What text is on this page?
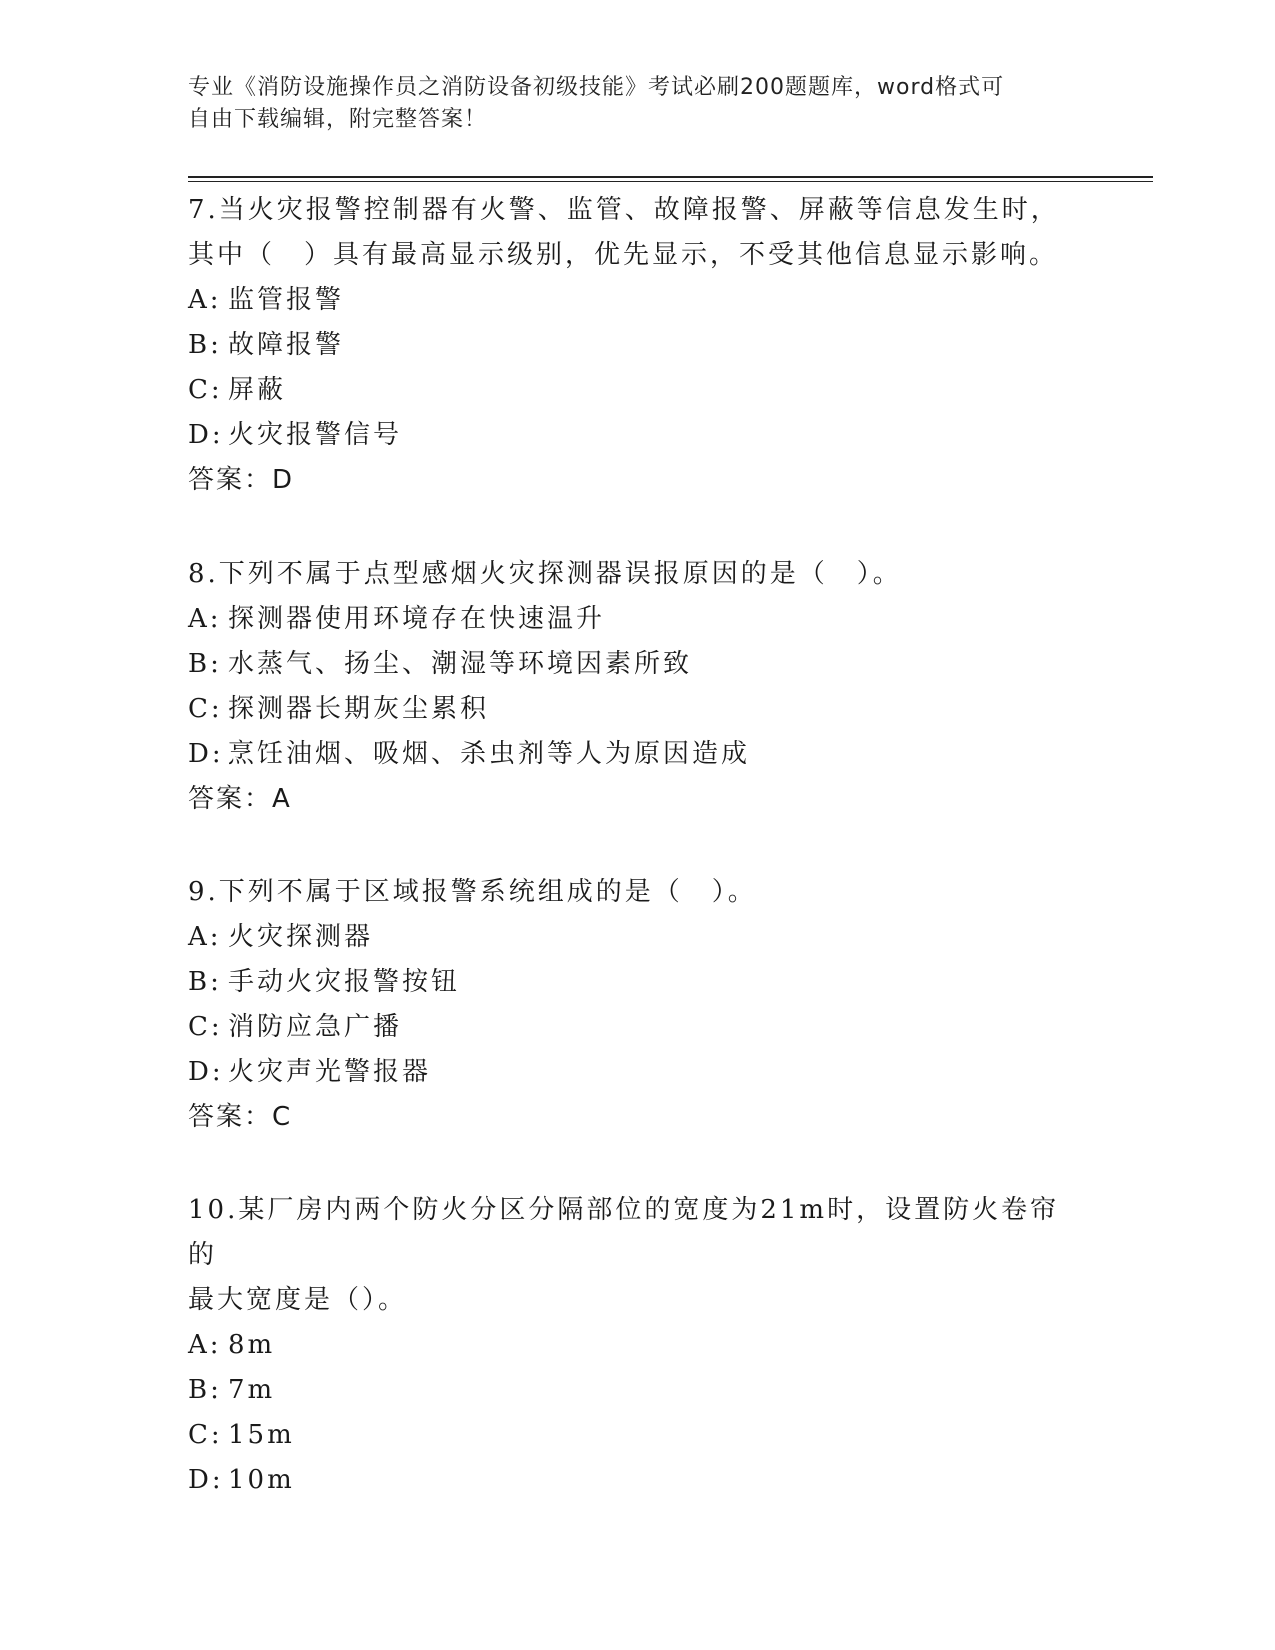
专业《消防设施操作员之消防设备初级技能》考试必刷200题题库，word格式可
自由下载编辑，附完整答案！

7.当火灾报警控制器有火警、监管、故障报警、屏蔽等信息发生时，
其中（　）具有最高显示级别，优先显示，不受其他信息显示影响。

A: 监管报警

B: 故障报警

C: 屏蔽

D: 火灾报警信号

答案：D

8.下列不属于点型感烟火灾探测器误报原因的是（　）。

A: 探测器使用环境存在快速温升

B: 水蒸气、扬尘、潮湿等环境因素所致

C: 探测器长期灰尘累积

D: 烹饪油烟、吸烟、杀虫剂等人为原因造成

答案：A

9.下列不属于区域报警系统组成的是（　）。

A: 火灾探测器

B: 手动火灾报警按钮

C: 消防应急广播

D: 火灾声光警报器

答案：C

10.某厂房内两个防火分区分隔部位的宽度为21m时，设置防火卷帘的
最大宽度是（）。

A: 8m

B: 7m

C: 15m

D: 10m
